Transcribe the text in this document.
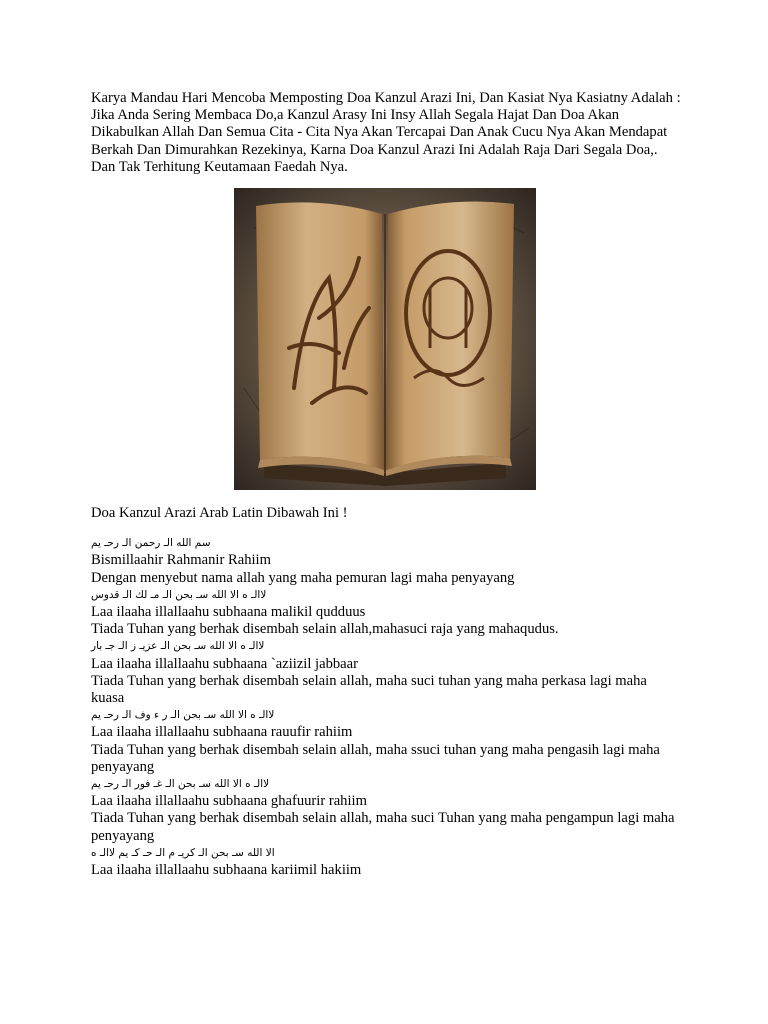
Karya Mandau Hari Mencoba Memposting Doa Kanzul Arazi Ini, Dan Kasiat Nya Kasiatny Adalah : Jika Anda Sering Membaca Do,a Kanzul Arasy Ini Insy Allah Segala Hajat Dan Doa Akan Dikabulkan Allah Dan Semua Cita - Cita Nya Akan Tercapai Dan Anak Cucu Nya Akan Mendapat Berkah Dan Dimurahkan Rezekinya, Karna Doa Kanzul Arazi Ini Adalah Raja Dari Segala Doa,. Dan Tak Terhitung Keutamaan Faedah Nya.

Doa Kanzul Arazi Arab Latin Dibawah Ini !

سم الله الـ رحمن الـ رحـ يم

Bismillaahir Rahmanir Rahiim

Dengan menyebut nama allah yang maha pemuran lagi maha penyayang

لاالـ ه الا الله سـ بحن الـ مـ لك الـ قدوس

Laa ilaaha illallaahu subhaana malikil qudduus

Tiada Tuhan yang berhak disembah selain allah,mahasuci raja yang mahaqudus.

لاالـ ه الا الله سـ بحن الـ عزيـ ز الـ جـ بار

Laa ilaaha illallaahu subhaana `aziizil jabbaar

Tiada Tuhan yang berhak disembah selain allah, maha suci tuhan yang maha perkasa lagi maha kuasa

لاالـ ه الا الله سـ بحن الـ ر ء وف الـ رحـ يم

Laa ilaaha illallaahu subhaana rauufir rahiim

Tiada Tuhan yang berhak disembah selain allah, maha ssuci tuhan yang maha pengasih lagi maha penyayang

لاالـ ه الا الله سـ بحن الـ غـ فور الـ رحـ يم

Laa ilaaha illallaahu subhaana ghafuurir rahiim

Tiada Tuhan yang berhak disembah selain allah, maha suci Tuhan yang maha pengampun lagi maha penyayang

الا الله سـ بحن الـ كريـ م الـ حـ كـ يم لاالـ ه

Laa ilaaha illallaahu subhaana kariimil hakiim
